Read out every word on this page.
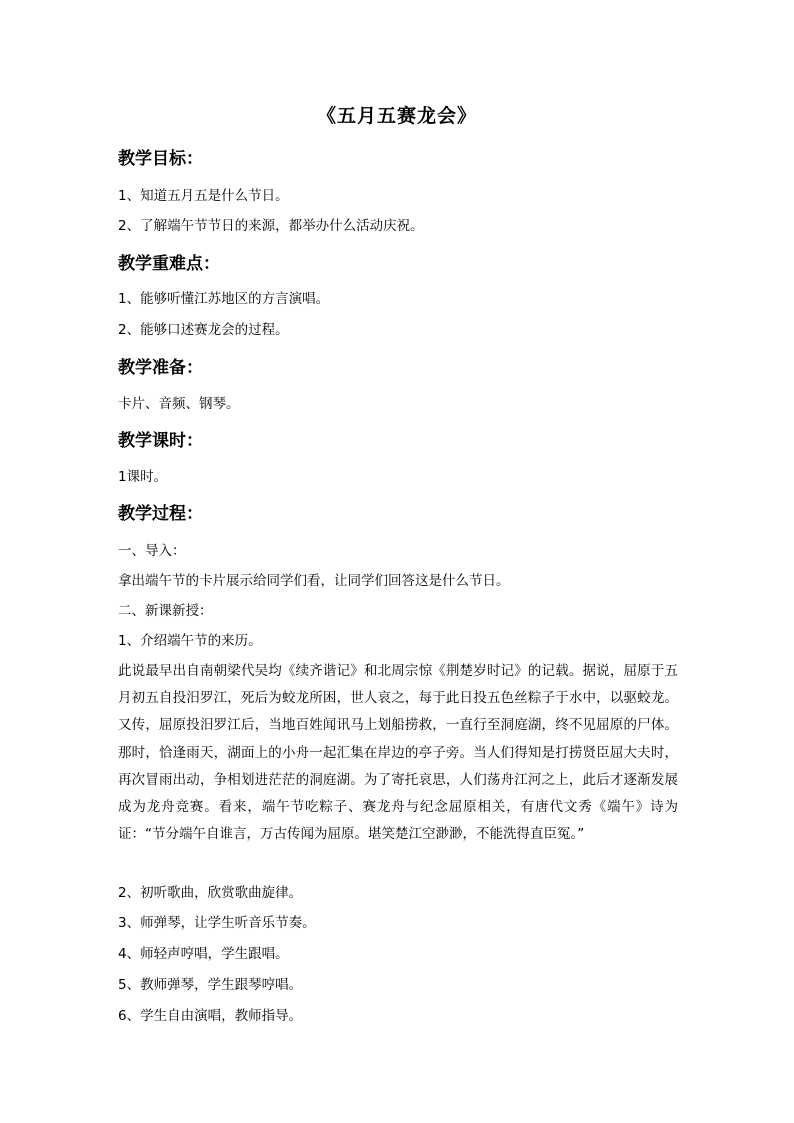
《五月五赛龙会》
教学目标：
1、知道五月五是什么节日。
2、了解端午节节日的来源，都举办什么活动庆祝。
教学重难点：
1、能够听懂江苏地区的方言演唱。
2、能够口述赛龙会的过程。
教学准备：
卡片、音频、钢琴。
教学课时：
1课时。
教学过程：
一、导入：
拿出端午节的卡片展示给同学们看，让同学们回答这是什么节日。
二、新课新授：
1、介绍端午节的来历。
此说最早出自南朝梁代吴均《续齐谐记》和北周宗惊《荆楚岁时记》的记载。据说，屈原于五月初五自投汨罗江，死后为蛟龙所困，世人哀之，每于此日投五色丝粽子于水中，以驱蛟龙。又传，屈原投汨罗江后，当地百姓闻讯马上划船捞救，一直行至洞庭湖，终不见屈原的尸体。那时，恰逢雨天，湖面上的小舟一起汇集在岸边的亭子旁。当人们得知是打捞贤臣屈大夫时，再次冒雨出动，争相划进茫茫的洞庭湖。为了寄托哀思，人们荡舟江河之上，此后才逐渐发展成为龙舟竞赛。看来，端午节吃粽子、赛龙舟与纪念屈原相关，有唐代文秀《端午》诗为证：“节分端午自谁言，万古传闻为屈原。堪笑楚江空渺渺，不能洗得直臣冤。”
2、初听歌曲，欣赏歌曲旋律。
3、师弹琴，让学生听音乐节奏。
4、师轻声哼唱，学生跟唱。
5、教师弹琴，学生跟琴哼唱。
6、学生自由演唱，教师指导。
